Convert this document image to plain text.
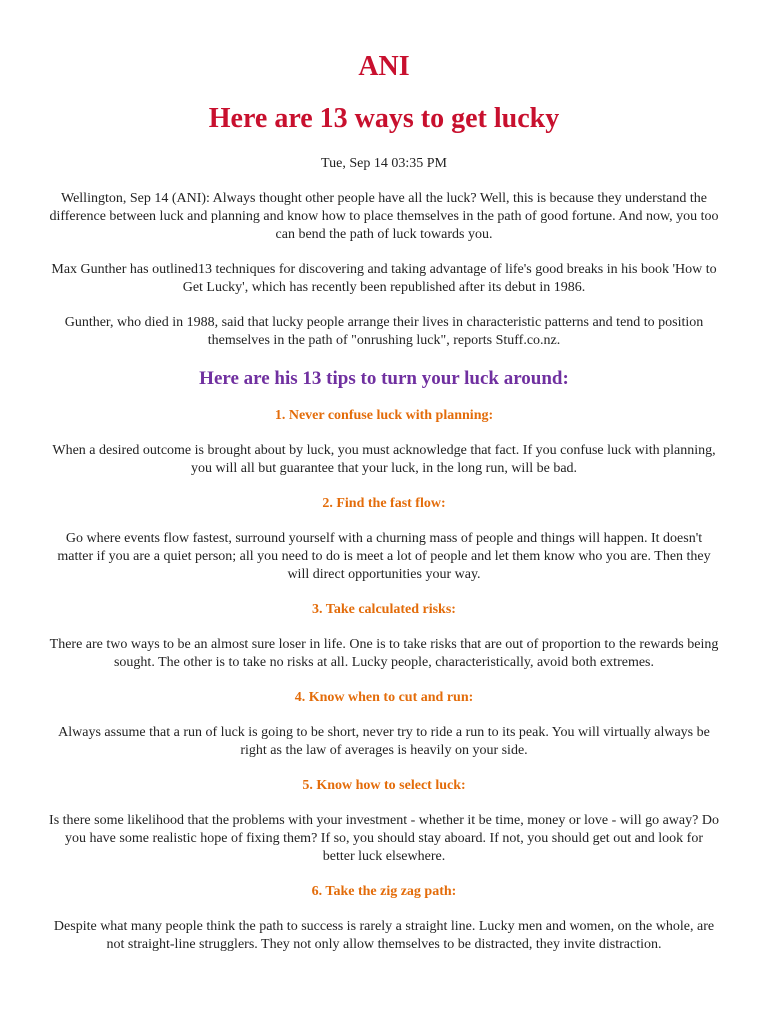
ANI
Here are 13 ways to get lucky

Tue, Sep 14 03:35 PM

Wellington, Sep 14 (ANI): Always thought other people have all the luck? Well, this is because they understand the difference between luck and planning and know how to place themselves in the path of good fortune. And now, you too can bend the path of luck towards you.

Max Gunther has outlined13 techniques for discovering and taking advantage of life's good breaks in his book 'How to Get Lucky', which has recently been republished after its debut in 1986.

Gunther, who died in 1988, said that lucky people arrange their lives in characteristic patterns and tend to position themselves in the path of "onrushing luck", reports Stuff.co.nz.

Here are his 13 tips to turn your luck around:

1. Never confuse luck with planning:

When a desired outcome is brought about by luck, you must acknowledge that fact. If you confuse luck with planning, you will all but guarantee that your luck, in the long run, will be bad.

2. Find the fast flow:

Go where events flow fastest, surround yourself with a churning mass of people and things will happen. It doesn't matter if you are a quiet person; all you need to do is meet a lot of people and let them know who you are. Then they will direct opportunities your way.

3. Take calculated risks:

There are two ways to be an almost sure loser in life. One is to take risks that are out of proportion to the rewards being sought. The other is to take no risks at all. Lucky people, characteristically, avoid both extremes.

4. Know when to cut and run:

Always assume that a run of luck is going to be short, never try to ride a run to its peak. You will virtually always be right as the law of averages is heavily on your side.

5. Know how to select luck:

Is there some likelihood that the problems with your investment - whether it be time, money or love - will go away? Do you have some realistic hope of fixing them? If so, you should stay aboard. If not, you should get out and look for better luck elsewhere.

6. Take the zig zag path:

Despite what many people think the path to success is rarely a straight line. Lucky men and women, on the whole, are not straight-line strugglers. They not only allow themselves to be distracted, they invite distraction.
